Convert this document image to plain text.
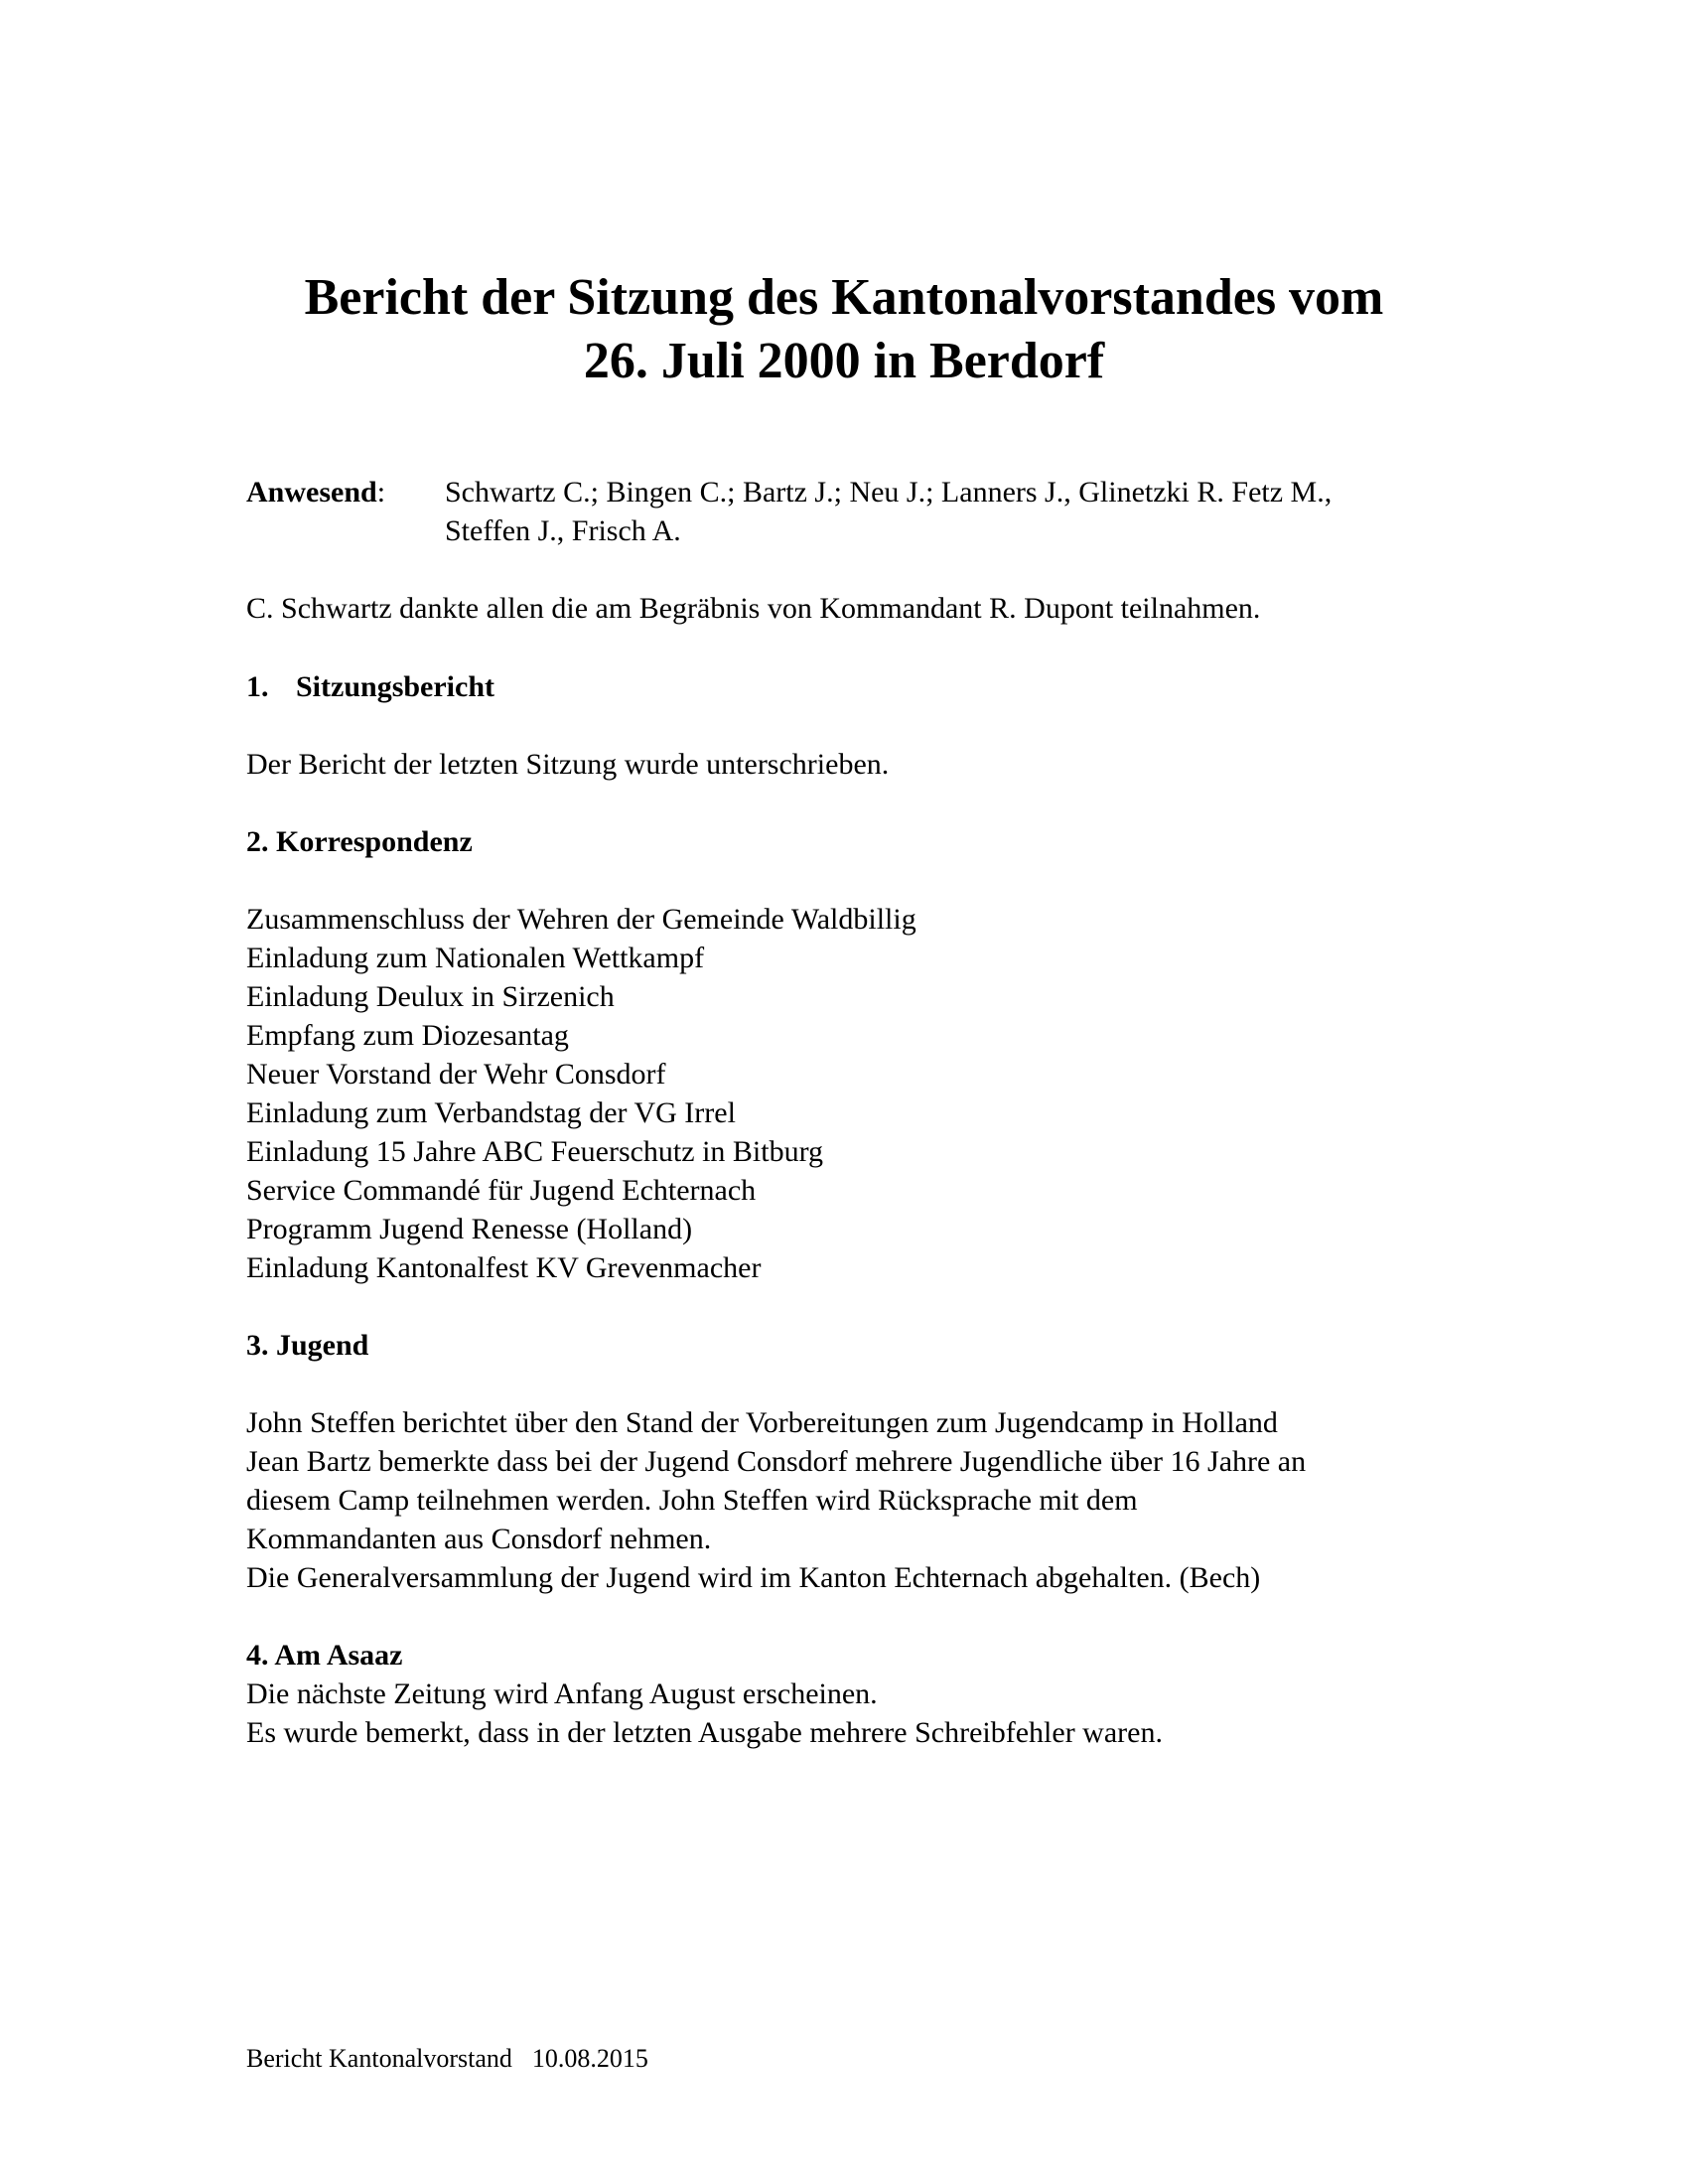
Bericht der Sitzung des Kantonalvorstandes vom
26. Juli 2000 in Berdorf
Anwesend: Schwartz C.; Bingen C.; Bartz J.; Neu J.; Lanners J., Glinetzki R. Fetz M.,
Steffen J., Frisch A.

C. Schwartz dankte allen die am Begräbnis von Kommandant R. Dupont teilnahmen.

1. Sitzungsbericht

Der Bericht der letzten Sitzung wurde unterschrieben.

2. Korrespondenz
Zusammenschluss der Wehren der Gemeinde Waldbillig
Einladung zum Nationalen Wettkampf
Einladung Deulux in Sirzenich
Empfang zum Diozesantag
Neuer Vorstand der Wehr Consdorf
Einladung zum Verbandstag der VG Irrel
Einladung 15 Jahre ABC Feuerschutz in Bitburg
Service Commandé für Jugend Echternach
Programm Jugend Renesse (Holland)
Einladung Kantonalfest KV Grevenmacher
3. Jugend
John Steffen berichtet über den Stand der Vorbereitungen zum Jugendcamp in Holland
Jean Bartz bemerkte dass bei der Jugend Consdorf mehrere Jugendliche über 16 Jahre an
diesem Camp teilnehmen werden. John Steffen wird Rücksprache mit dem
Kommandanten aus Consdorf nehmen.
Die Generalversammlung der Jugend wird im Kanton Echternach abgehalten. (Bech)
4. Am Asaaz
Die nächste Zeitung wird Anfang August erscheinen.
Es wurde bemerkt, dass in der letzten Ausgabe mehrere Schreibfehler waren.
Bericht Kantonalvorstand 10.08.2015
